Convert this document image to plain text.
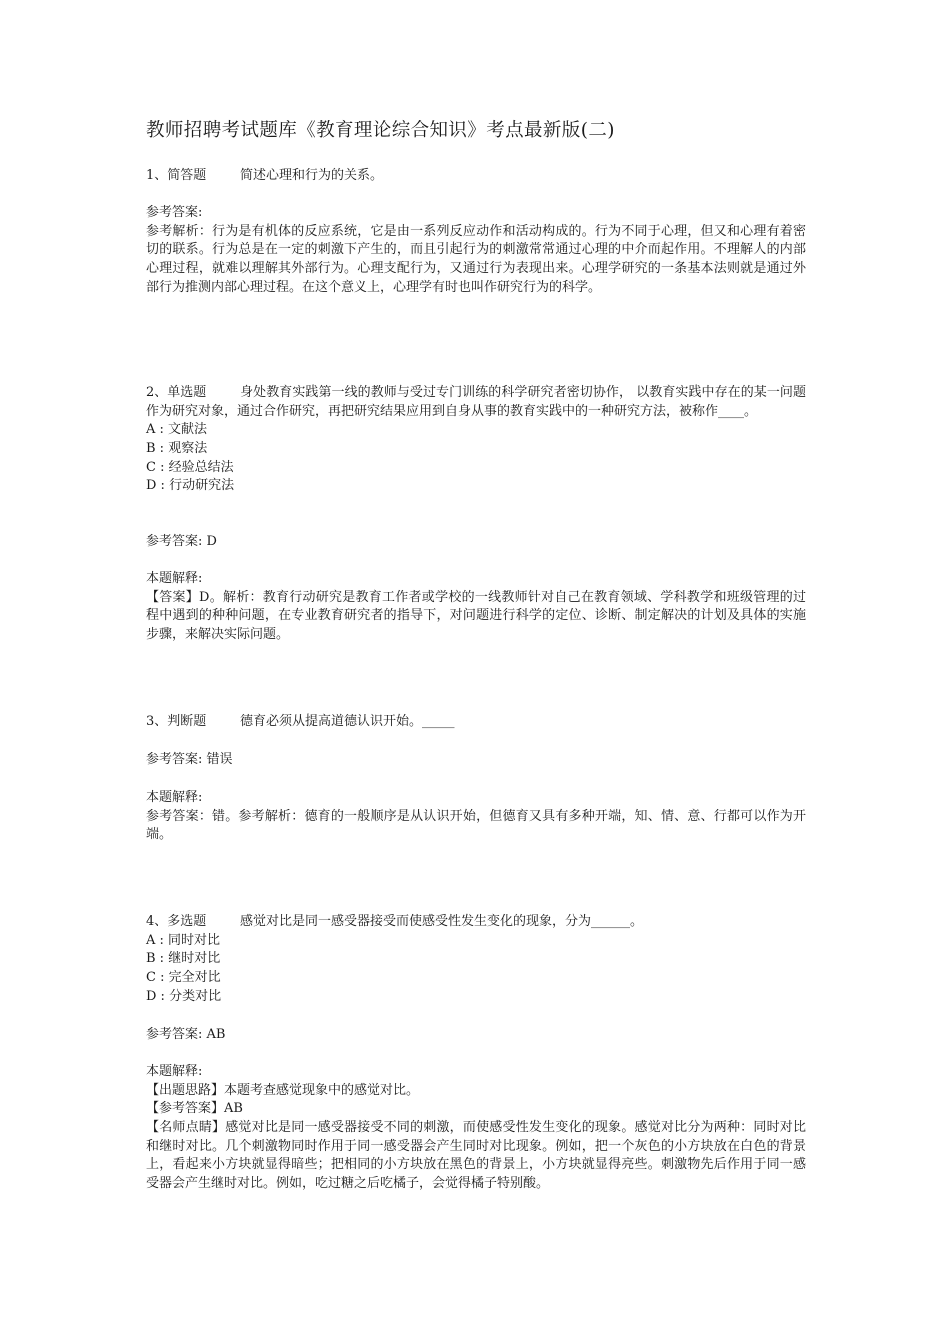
教师招聘考试题库《教育理论综合知识》考点最新版(二)
1、简答题	简述心理和行为的关系。
参考答案:
参考解析：行为是有机体的反应系统，它是由一系列反应动作和活动构成的。行为不同于心理，但又和心理有着密切的联系。行为总是在一定的刺激下产生的，而且引起行为的刺激常常通过心理的中介而起作用。不理解人的内部心理过程，就难以理解其外部行为。心理支配行为，又通过行为表现出来。心理学研究的一条基本法则就是通过外部行为推测内部心理过程。在这个意义上，心理学有时也叫作研究行为的科学。
2、单选题	身处教育实践第一线的教师与受过专门训练的科学研究者密切协作， 以教育实践中存在的某一问题作为研究对象，通过合作研究，再把研究结果应用到自身从事的教育实践中的一种研究方法，被称作____。
A : 文献法
B : 观察法
C : 经验总结法
D : 行动研究法
参考答案: D
本题解释:
【答案】D。解析：教育行动研究是教育工作者或学校的一线教师针对自己在教育领域、学科教学和班级管理的过程中遇到的种种问题，在专业教育研究者的指导下，对问题进行科学的定位、诊断、制定解决的计划及具体的实施步骤，来解决实际问题。
3、判断题	德育必须从提高道德认识开始。_____
参考答案: 错误
本题解释:
参考答案：错。参考解析：德育的一般顺序是从认识开始，但德育又具有多种开端，知、情、意、行都可以作为开端。
4、多选题	感觉对比是同一感受器接受而使感受性发生变化的现象，分为______。
A : 同时对比
B : 继时对比
C : 完全对比
D : 分类对比
参考答案: AB
本题解释:
【出题思路】本题考查感觉现象中的感觉对比。
【参考答案】AB
【名师点睛】感觉对比是同一感受器接受不同的刺激，而使感受性发生变化的现象。感觉对比分为两种：同时对比和继时对比。几个刺激物同时作用于同一感受器会产生同时对比现象。例如，把一个灰色的小方块放在白色的背景上，看起来小方块就显得暗些；把相同的小方块放在黑色的背景上，小方块就显得亮些。刺激物先后作用于同一感受器会产生继时对比。例如，吃过糖之后吃橘子，会觉得橘子特别酸。
